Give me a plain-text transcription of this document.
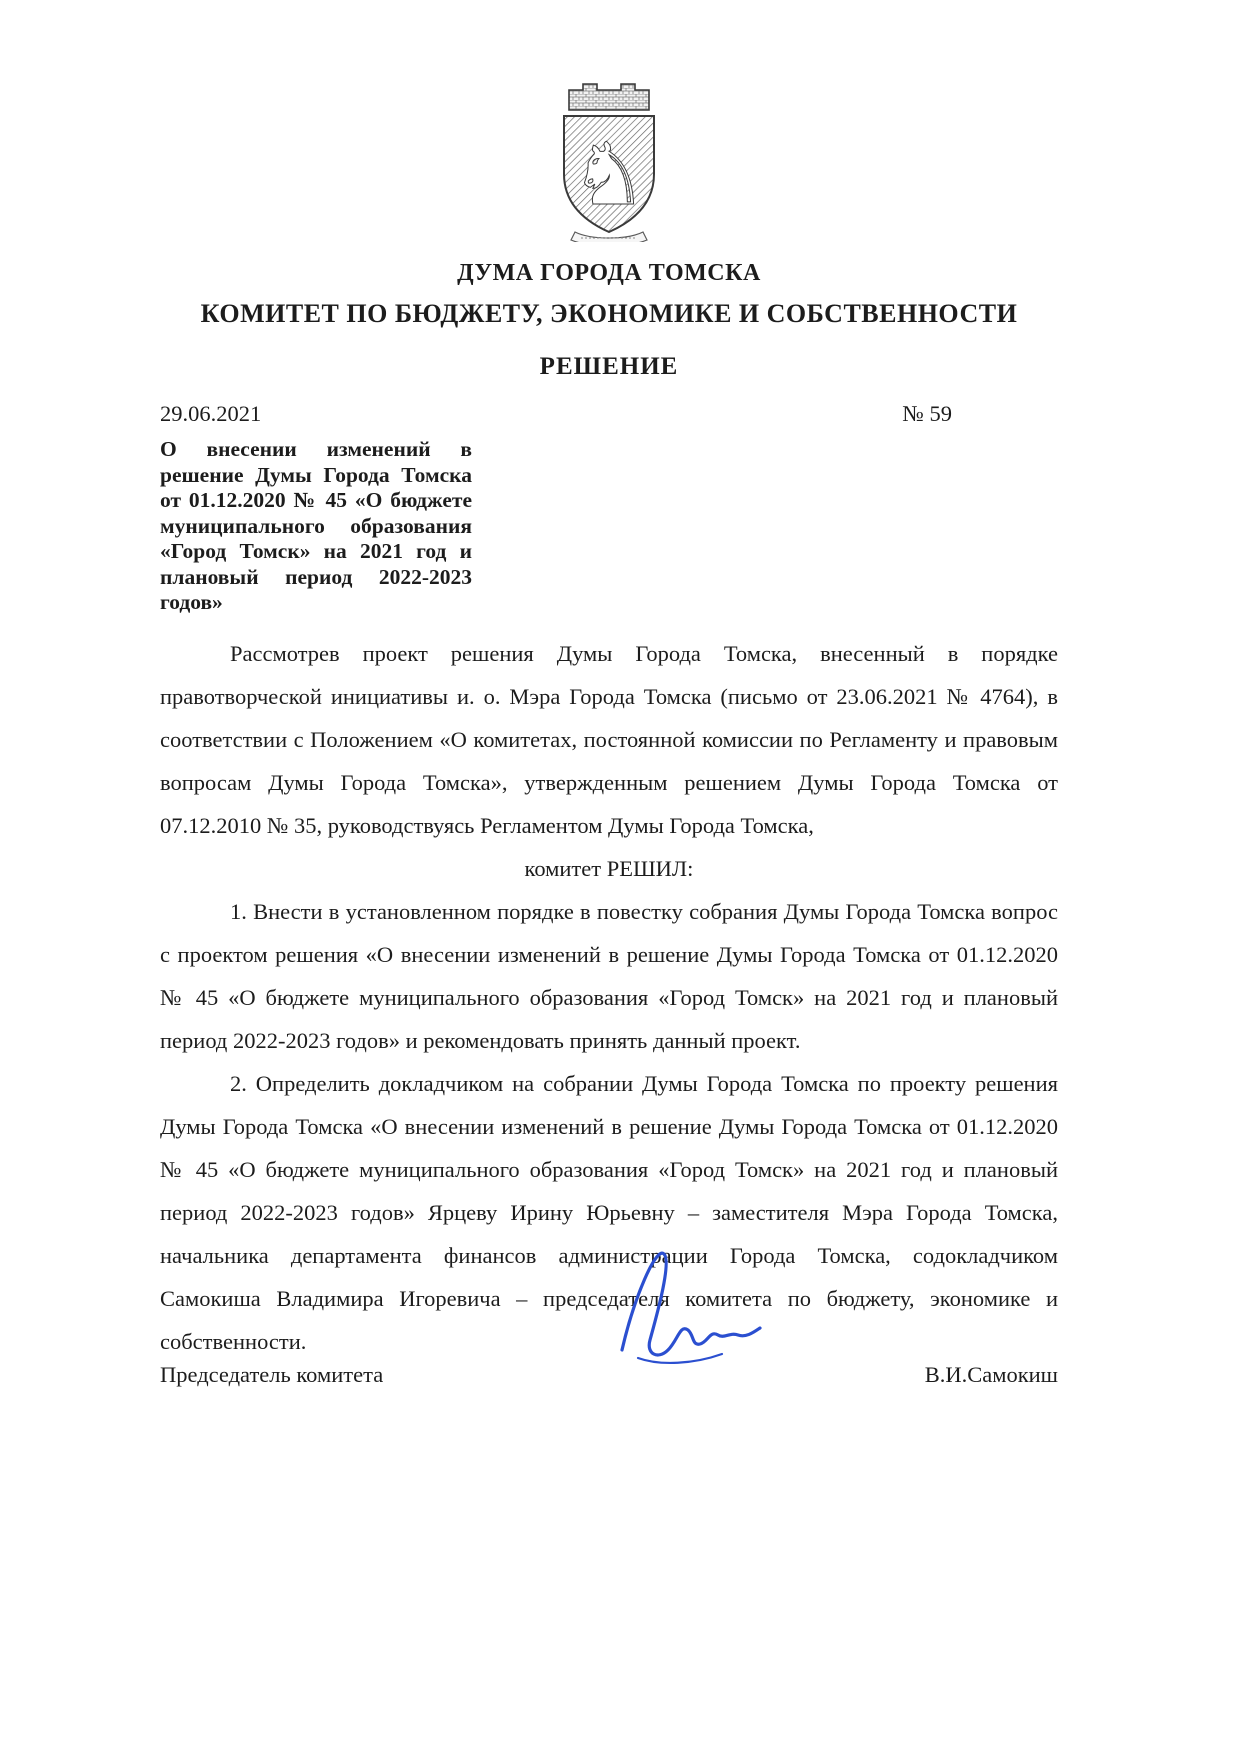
♞
ДУМА ГОРОДА ТОМСКА
КОМИТЕТ ПО БЮДЖЕТУ, ЭКОНОМИКЕ И СОБСТВЕННОСТИ
РЕШЕНИЕ
29.06.2021	№ 59
О внесении изменений в решение Думы Города Томска от 01.12.2020 № 45 «О бюджете муниципального образования «Город Томск» на 2021 год и плановый период 2022-2023 годов»

Рассмотрев проект решения Думы Города Томска, внесенный в порядке правотворческой инициативы и. о. Мэра Города Томска (письмо от 23.06.2021 № 4764), в соответствии с Положением «О комитетах, постоянной комиссии по Регламенту и правовым вопросам Думы Города Томска», утвержденным решением Думы Города Томска от 07.12.2010 № 35, руководствуясь Регламентом Думы Города Томска,

комитет РЕШИЛ:

1. Внести в установленном порядке в повестку собрания Думы Города Томска вопрос с проектом решения «О внесении изменений в решение Думы Города Томска от 01.12.2020 № 45 «О бюджете муниципального образования «Город Томск» на 2021 год и плановый период 2022-2023 годов» и рекомендовать принять данный проект.

2. Определить докладчиком на собрании Думы Города Томска по проекту решения Думы Города Томска «О внесении изменений в решение Думы Города Томска от 01.12.2020 № 45 «О бюджете муниципального образования «Город Томск» на 2021 год и плановый период 2022-2023 годов» Ярцеву Ирину Юрьевну – заместителя Мэра Города Томска, начальника департамента финансов администрации Города Томска, содокладчиком Самокиша Владимира Игоревича – председателя комитета по бюджету, экономике и собственности.

Председатель комитета	В.И.Самокиш
